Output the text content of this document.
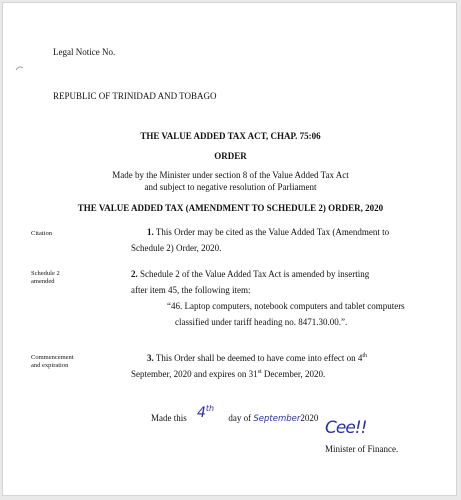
Legal Notice No.
REPUBLIC OF TRINIDAD AND TOBAGO
THE VALUE ADDED TAX ACT, CHAP. 75:06
ORDER
Made by the Minister under section 8 of the Value Added Tax Act
and subject to negative resolution of Parliament
THE VALUE ADDED TAX (AMENDMENT TO SCHEDULE 2) ORDER, 2020
Citation	1. This Order may be cited as the Value Added Tax (Amendment to
Schedule 2) Order, 2020.
Schedule 2
amended
2. Schedule 2 of the Value Added Tax Act is amended by inserting
after item 45, the following item:
“46. Laptop computers, notebook computers and tablet computers
classified under tariff heading no. 8471.30.00.”.
Commencement
and expiration
3. This Order shall be deemed to have come into effect on 4th
September, 2020 and expires on 31st December, 2020.
Made this 4th day of September2020 Cee!!
Minister of Finance.
